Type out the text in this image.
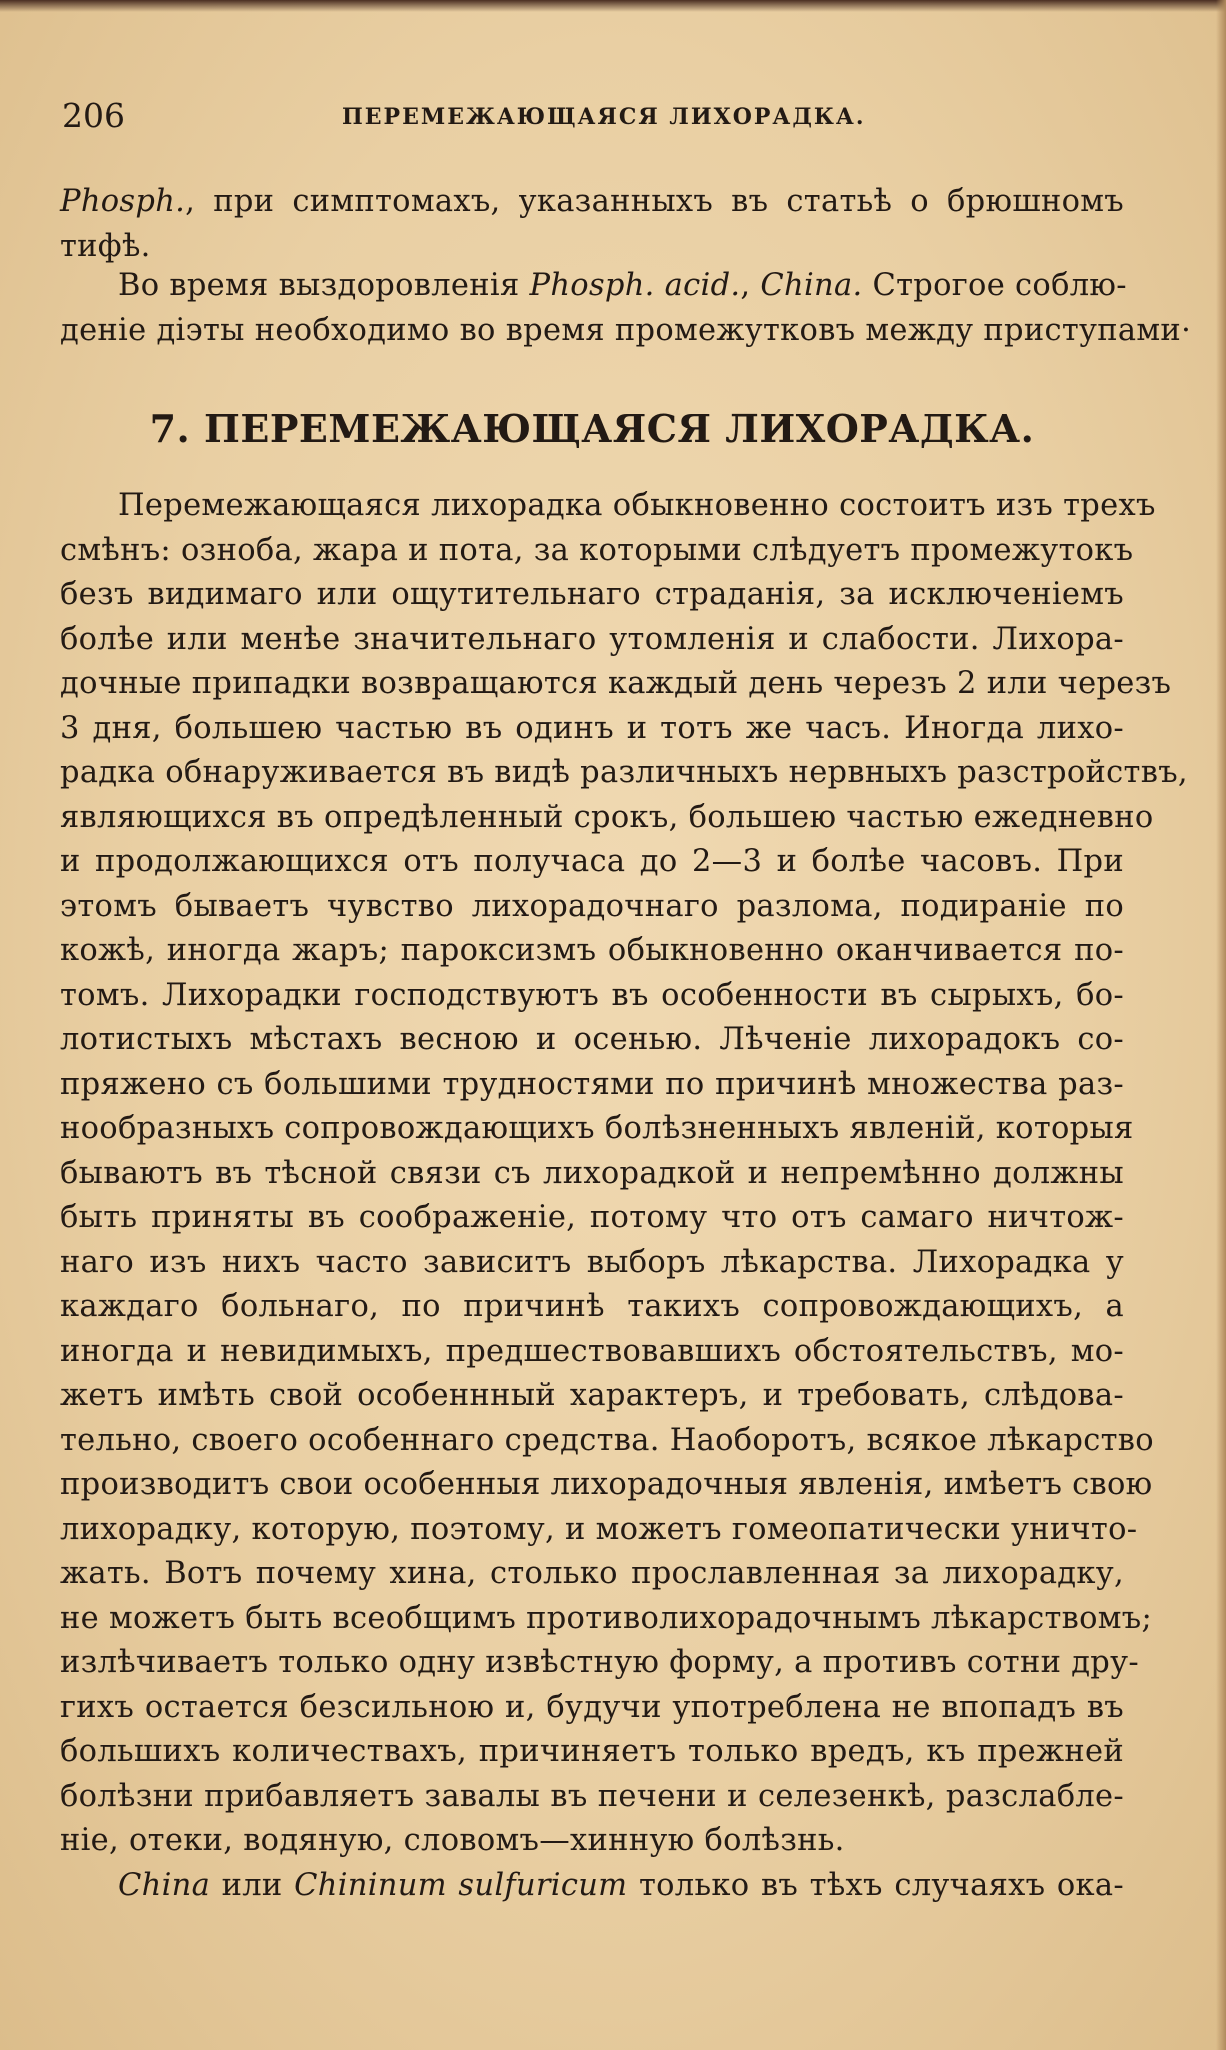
206	ПЕРЕМЕЖАЮЩАЯСЯ ЛИХОРАДКА.
Phosph., при симптомахъ, указанныхъ въ статьѣ о брюшномъ
тифѣ.
Во время выздоровленія Phosph. acid., China. Строгое соблю-
деніе діэты необходимо во время промежутковъ между приступами·
7. ПЕРЕМЕЖАЮЩАЯСЯ ЛИХОРАДКА.
Перемежающаяся лихорадка обыкновенно состоитъ изъ трехъ
смѣнъ: озноба, жара и пота, за которыми слѣдуетъ промежутокъ
безъ видимаго или ощутительнаго страданія, за исключеніемъ
болѣе или менѣе значительнаго утомленія и слабости. Лихора-
дочные припадки возвращаются каждый день черезъ 2 или черезъ
3 дня, большею частью въ одинъ и тотъ же часъ. Иногда лихо-
радка обнаруживается въ видѣ различныхъ нервныхъ разстройствъ,
являющихся въ опредѣленный срокъ, большею частью ежедневно
и продолжающихся отъ получаса до 2—3 и болѣе часовъ. При
этомъ бываетъ чувство лихорадочнаго разлома, подираніе по
кожѣ, иногда жаръ; пароксизмъ обыкновенно оканчивается по-
томъ. Лихорадки господствуютъ въ особенности въ сырыхъ, бо-
лотистыхъ мѣстахъ весною и осенью. Лѣченіе лихорадокъ со-
пряжено съ большими трудностями по причинѣ множества раз-
нообразныхъ сопровождающихъ болѣзненныхъ явленій, которыя
бываютъ въ тѣсной связи съ лихорадкой и непремѣнно должны
быть приняты въ соображеніе, потому что отъ самаго ничтож-
наго изъ нихъ часто зависитъ выборъ лѣкарства. Лихорадка у
каждаго больнаго, по причинѣ такихъ сопровождающихъ, а
иногда и невидимыхъ, предшествовавшихъ обстоятельствъ, мо-
жетъ имѣть свой особеннный характеръ, и требовать, слѣдова-
тельно, своего особеннаго средства. Наоборотъ, всякое лѣкарство
производитъ свои особенныя лихорадочныя явленія, имѣетъ свою
лихорадку, которую, поэтому, и можетъ гомеопатически уничто-
жать. Вотъ почему хина, столько прославленная за лихорадку,
не можетъ быть всеобщимъ противолихорадочнымъ лѣкарствомъ;
излѣчиваетъ только одну извѣстную форму, а противъ сотни дру-
гихъ остается безсильною и, будучи употреблена не впопадъ въ
большихъ количествахъ, причиняетъ только вредъ, къ прежней
болѣзни прибавляетъ завалы въ печени и селезенкѣ, разслабле-
ніе, отеки, водяную, словомъ—хинную болѣзнь.
China или Chininum sulfuricum только въ тѣхъ случаяхъ ока-
